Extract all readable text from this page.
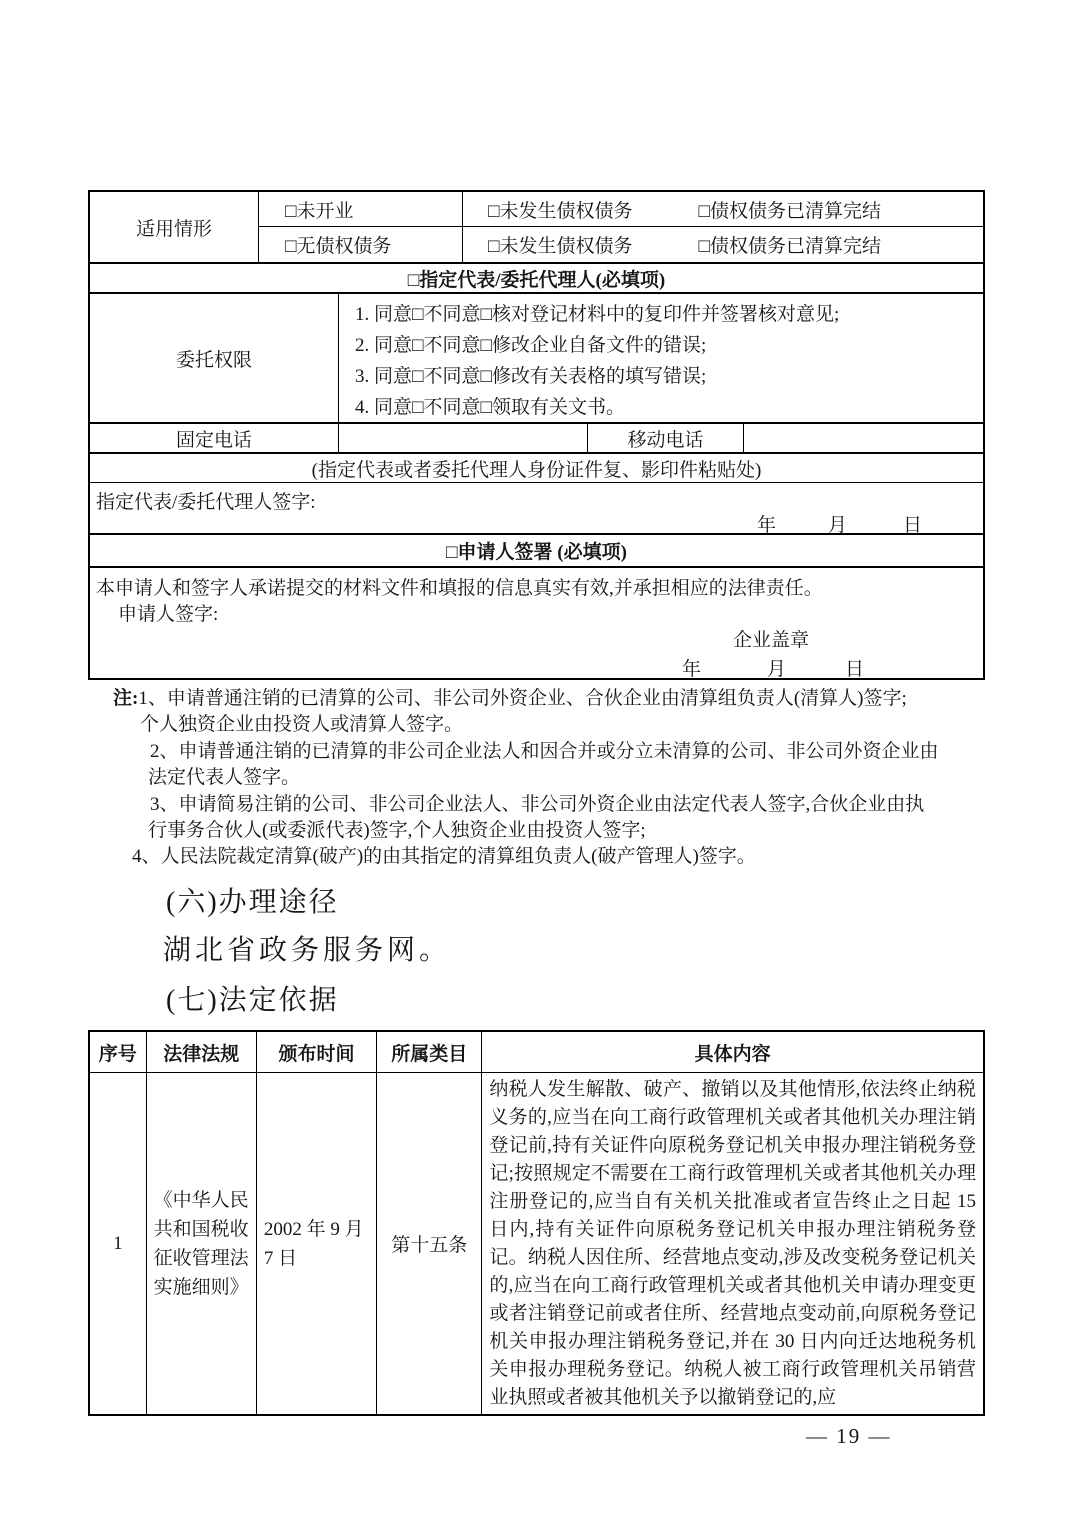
适用情形
□未开业	□未发生债权债务	□债权债务已清算完结
□无债权债务	□未发生债权债务	□债权债务已清算完结
□指定代表/委托代理人(必填项)
委托权限
1. 同意□不同意□核对登记材料中的复印件并签署核对意见;
2. 同意□不同意□修改企业自备文件的错误;
3. 同意□不同意□修改有关表格的填写错误;
4. 同意□不同意□领取有关文书。
固定电话	移动电话
(指定代表或者委托代理人身份证件复、影印件粘贴处)
指定代表/委托代理人签字:
年	月	日
□申请人签署 (必填项)
本申请人和签字人承诺提交的材料文件和填报的信息真实有效,并承担相应的法律责任。
申请人签字:
企业盖章
年	月	日
注:1、申请普通注销的已清算的公司、非公司外资企业、合伙企业由清算组负责人(清算人)签字;
个人独资企业由投资人或清算人签字。
2、申请普通注销的已清算的非公司企业法人和因合并或分立未清算的公司、非公司外资企业由
法定代表人签字。
3、申请简易注销的公司、非公司企业法人、非公司外资企业由法定代表人签字,合伙企业由执
行事务合伙人(或委派代表)签字,个人独资企业由投资人签字;
4、人民法院裁定清算(破产)的由其指定的清算组负责人(破产管理人)签字。
(六)办理途径
湖北省政务服务网。
(七)法定依据
序号	法律法规	颁布时间	所属类目	具体内容
1	《中华人民共和国税收征收管理法实施细则》	2002 年 9 月 7 日	第十五条	纳税人发生解散、破产、撤销以及其他情形,依法终止纳税义务的,应当在向工商行政管理机关或者其他机关办理注销登记前,持有关证件向原税务登记机关申报办理注销税务登记;按照规定不需要在工商行政管理机关或者其他机关办理注册登记的,应当自有关机关批准或者宣告终止之日起 15 日内,持有关证件向原税务登记机关申报办理注销税务登记。纳税人因住所、经营地点变动,涉及改变税务登记机关的,应当在向工商行政管理机关或者其他机关申请办理变更或者注销登记前或者住所、经营地点变动前,向原税务登记机关申报办理注销税务登记,并在 30 日内向迁达地税务机关申报办理税务登记。纳税人被工商行政管理机关吊销营业执照或者被其他机关予以撤销登记的,应
— 19 —
